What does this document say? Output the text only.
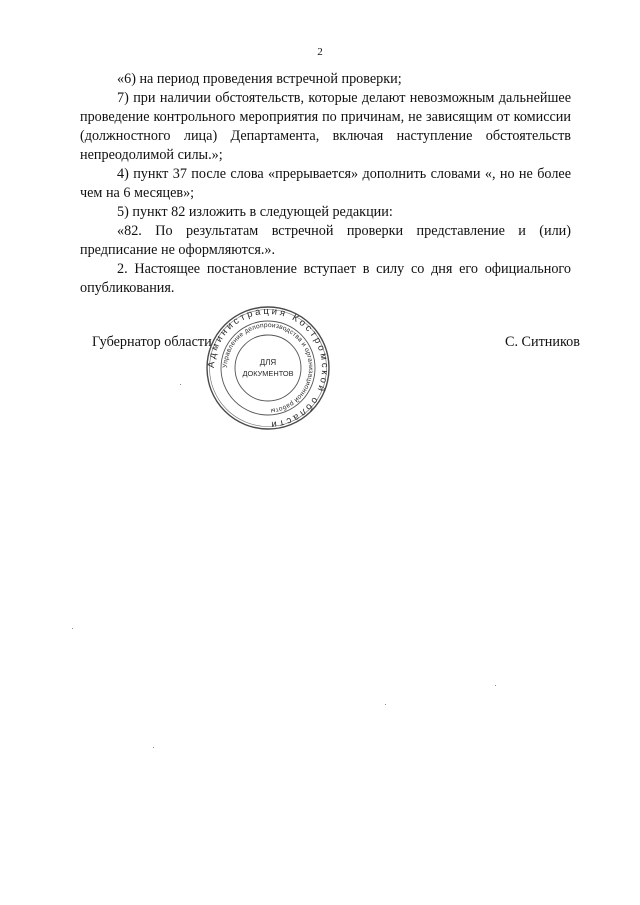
2

«6) на период проведения встречной проверки;

7) при наличии обстоятельств, которые делают невозможным дальнейшее проведение контрольного мероприятия по причинам, не зависящим от комиссии (должностного лица) Департамента, включая наступление обстоятельств непреодолимой силы.»;

4) пункт 37 после слова «прерывается» дополнить словами «, но не более чем на 6 месяцев»;

5) пункт 82 изложить в следующей редакции:

«82. По результатам встречной проверки представление и (или) предписание не оформляются.».

2. Настоящее постановление вступает в силу со дня его официального опубликования.

Губернатор области	С. Ситников
Администрация Костромской области
Управление делопроизводства и организационной работы
ДЛЯ
ДОКУМЕНТОВ
